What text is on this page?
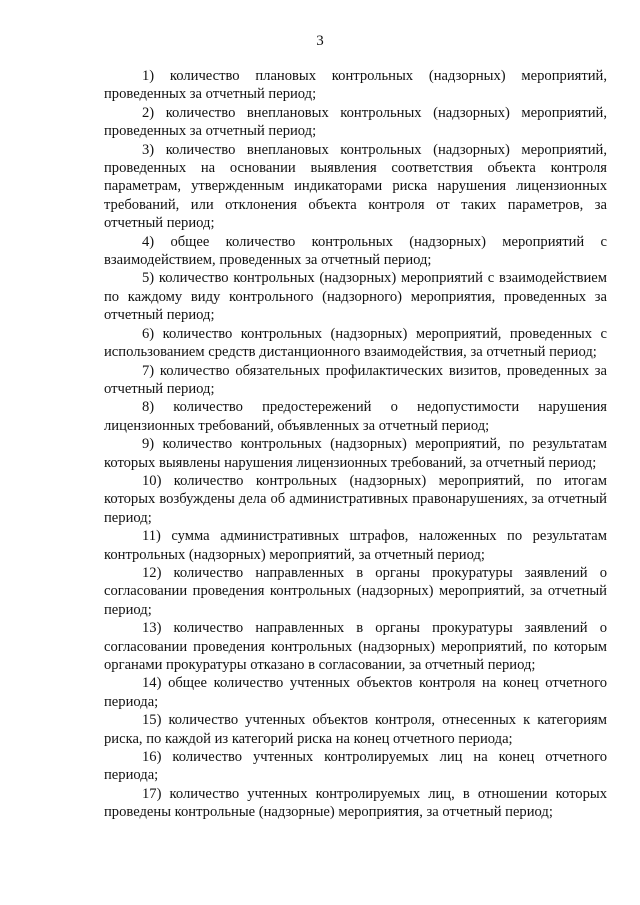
3

1) количество плановых контрольных (надзорных) мероприятий, проведенных за отчетный период;

2) количество внеплановых контрольных (надзорных) мероприятий, проведенных за отчетный период;

3) количество внеплановых контрольных (надзорных) мероприятий, проведенных на основании выявления соответствия объекта контроля параметрам, утвержденным индикаторами риска нарушения лицензионных требований, или отклонения объекта контроля от таких параметров, за отчетный период;

4) общее количество контрольных (надзорных) мероприятий с взаимодействием, проведенных за отчетный период;

5) количество контрольных (надзорных) мероприятий с взаимодействием по каждому виду контрольного (надзорного) мероприятия, проведенных за отчетный период;

6) количество контрольных (надзорных) мероприятий, проведенных с использованием средств дистанционного взаимодействия, за отчетный период;

7) количество обязательных профилактических визитов, проведенных за отчетный период;

8) количество предостережений о недопустимости нарушения лицензионных требований, объявленных за отчетный период;

9) количество контрольных (надзорных) мероприятий, по результатам которых выявлены нарушения лицензионных требований, за отчетный период;

10) количество контрольных (надзорных) мероприятий, по итогам которых возбуждены дела об административных правонарушениях, за отчетный период;

11) сумма административных штрафов, наложенных по результатам контрольных (надзорных) мероприятий, за отчетный период;

12) количество направленных в органы прокуратуры заявлений о согласовании проведения контрольных (надзорных) мероприятий, за отчетный период;

13) количество направленных в органы прокуратуры заявлений о согласовании проведения контрольных (надзорных) мероприятий, по которым органами прокуратуры отказано в согласовании, за отчетный период;

14) общее количество учтенных объектов контроля на конец отчетного периода;

15) количество учтенных объектов контроля, отнесенных к категориям риска, по каждой из категорий риска на конец отчетного периода;

16) количество учтенных контролируемых лиц на конец отчетного периода;

17) количество учтенных контролируемых лиц, в отношении которых проведены контрольные (надзорные) мероприятия, за отчетный период;
